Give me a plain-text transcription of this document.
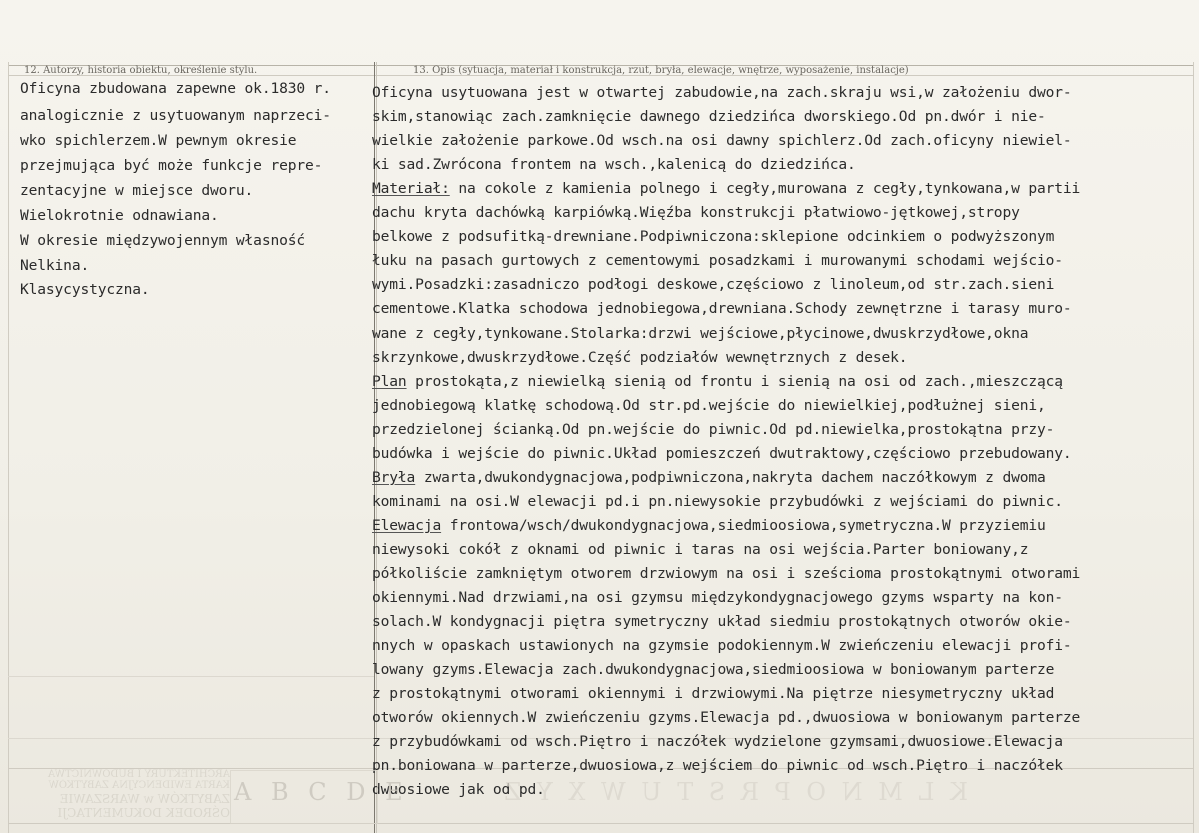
12. Autorzy, historia obiektu, określenie stylu.	13. Opis (sytuacja, materiał i konstrukcja, rzut, bryła, elewacje, wnętrze, wyposażenie, instalacje)
Oficyna zbudowana zapewne ok.1830 r.
analogicznie z usytuowanym naprzeci-
wko spichlerzem.W pewnym okresie
przejmująca być może funkcje repre-
zentacyjne w miejsce dworu.
Wielokrotnie odnawiana.
W okresie międzywojennym własność
Nelkina.
Klasycystyczna.
Oficyna usytuowana jest w otwartej zabudowie,na zach.skraju wsi,w założeniu dwor-
skim,stanowiąc zach.zamknięcie dawnego dziedzińca dworskiego.Od pn.dwór i nie-
wielkie założenie parkowe.Od wsch.na osi dawny spichlerz.Od zach.oficyny niewiel-
ki sad.Zwrócona frontem na wsch.,kalenicą do dziedzińca.
Materiał: na cokole z kamienia polnego i cegły,murowana z cegły,tynkowana,w partii
dachu kryta dachówką karpiówką.Więźba konstrukcji płatwiowo-jętkowej,stropy
belkowe z podsufitką-drewniane.Podpiwniczona:sklepione odcinkiem o podwyższonym
łuku na pasach gurtowych z cementowymi posadzkami i murowanymi schodami wejścio-
wymi.Posadzki:zasadniczo podłogi deskowe,częściowo z linoleum,od str.zach.sieni
cementowe.Klatka schodowa jednobiegowa,drewniana.Schody zewnętrzne i tarasy muro-
wane z cegły,tynkowane.Stolarka:drzwi wejściowe,płycinowe,dwuskrzydłowe,okna
skrzynkowe,dwuskrzydłowe.Część podziałów wewnętrznych z desek.
Plan prostokąta,z niewielką sienią od frontu i sienią na osi od zach.,mieszczącą
jednobiegową klatkę schodową.Od str.pd.wejście do niewielkiej,podłużnej sieni,
przedzielonej ścianką.Od pn.wejście do piwnic.Od pd.niewielka,prostokątna przy-
budówka i wejście do piwnic.Układ pomieszczeń dwutraktowy,częściowo przebudowany.
Bryła zwarta,dwukondygnacjowa,podpiwniczona,nakryta dachem naczółkowym z dwoma
kominami na osi.W elewacji pd.i pn.niewysokie przybudówki z wejściami do piwnic.
Elewacja frontowa/wsch/dwukondygnacjowa,siedmioosiowa,symetryczna.W przyziemiu
niewysoki cokół z oknami od piwnic i taras na osi wejścia.Parter boniowany,z
półkoliście zamkniętym otworem drzwiowym na osi i sześcioma prostokątnymi otworami
okiennymi.Nad drzwiami,na osi gzymsu międzykondygnacjowego gzyms wsparty na kon-
solach.W kondygnacji piętra symetryczny układ siedmiu prostokątnych otworów okie-
nnych w opaskach ustawionych na gzymsie podokiennym.W zwieńczeniu elewacji profi-
lowany gzyms.Elewacja zach.dwukondygnacjowa,siedmioosiowa w boniowanym parterze
z prostokątnymi otworami okiennymi i drzwiowymi.Na piętrze niesymetryczny układ
otworów okiennych.W zwieńczeniu gzyms.Elewacja pd.,dwuosiowa w boniowanym parterze
z przybudówkami od wsch.Piętro i naczółek wydzielone gzymsami,dwuosiowe.Elewacja
pn.boniowana w parterze,dwuosiowa,z wejściem do piwnic od wsch.Piętro i naczółek
dwuosiowe jak od pd.
OŚRODEK DOKUMENTACJI
ZABYTKÓW w WARSZAWIE
KARTA EWIDENCYJNA ZABYTKÓW
ARCHITEKTURY I BUDOWNICTWA
A B C D E	K L M N O P R S T U W X Y Z
